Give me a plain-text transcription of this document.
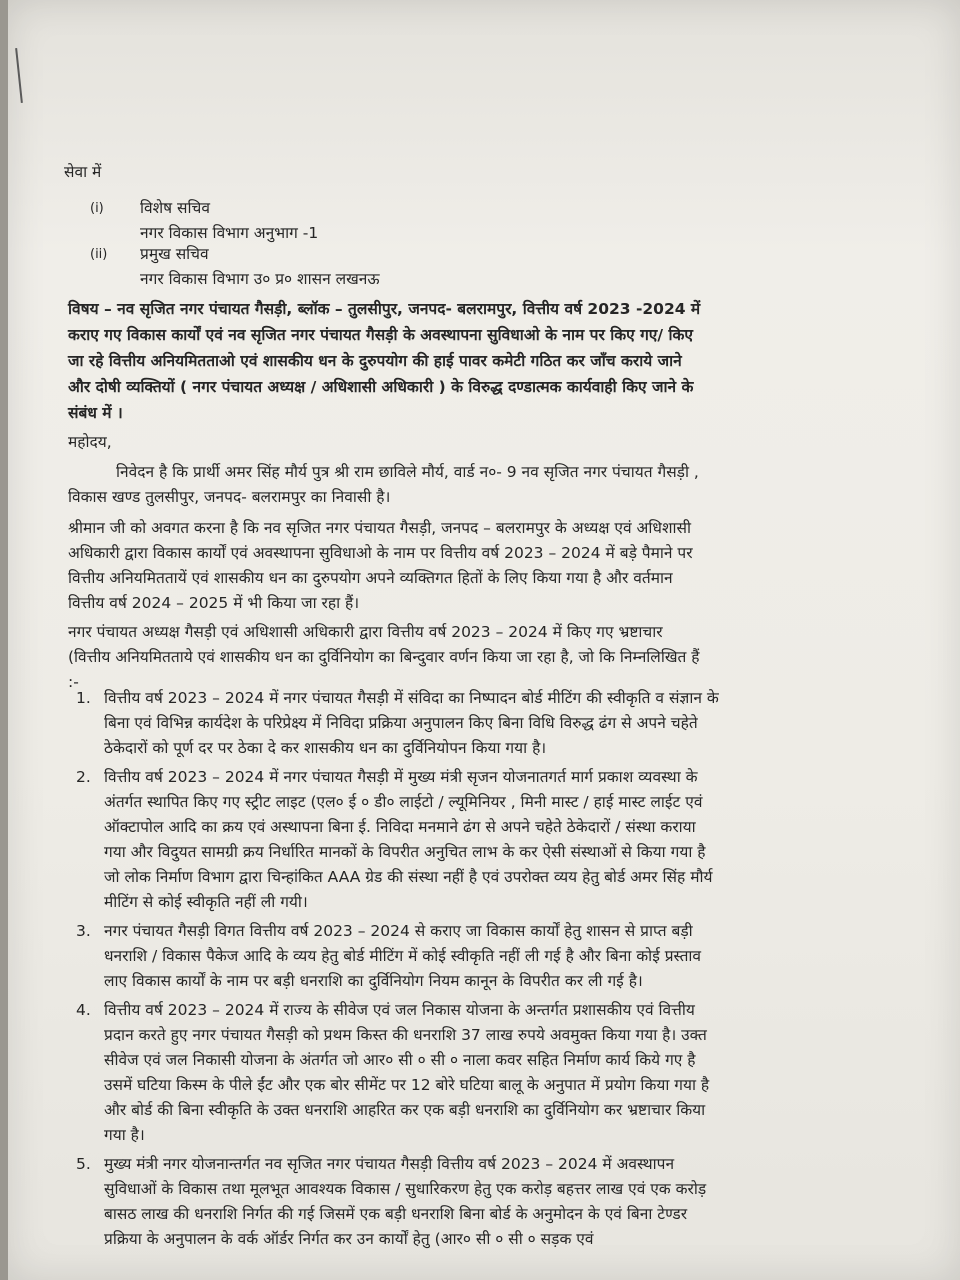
सेवा में
(i)	विशेष सचिव
नगर विकास विभाग अनुभाग -1
(ii)	प्रमुख सचिव
नगर विकास विभाग उ० प्र० शासन लखनऊ
विषय – नव सृजित नगर पंचायत गैसड़ी, ब्लॉक – तुलसीपुर, जनपद- बलरामपुर, वित्तीय वर्ष 2023 -2024 में कराए गए विकास कार्यों एवं नव सृजित नगर पंचायत गैसड़ी के अवस्थापना सुविधाओ के नाम पर किए गए/ किए जा रहे वित्तीय अनियमितताओ एवं शासकीय धन के दुरुपयोग की हाई पावर कमेटी गठित कर जाँच कराये जाने और दोषी व्यक्तियों ( नगर पंचायत अध्यक्ष / अधिशासी अधिकारी ) के विरुद्ध दण्डात्मक कार्यवाही किए जाने के संबंध में ।
महोदय,

निवेदन है कि प्रार्थी अमर सिंह मौर्य पुत्र श्री राम छाविले मौर्य, वार्ड न०- 9 नव सृजित नगर पंचायत गैसड़ी , विकास खण्ड तुलसीपुर, जनपद- बलरामपुर का निवासी है।

श्रीमान जी को अवगत करना है कि नव सृजित नगर पंचायत गैसड़ी, जनपद – बलरामपुर के अध्यक्ष एवं अधिशासी अधिकारी द्वारा विकास कार्यों एवं अवस्थापना सुविधाओ के नाम पर वित्तीय वर्ष 2023 – 2024 में बड़े पैमाने पर वित्तीय अनियमिततायें एवं शासकीय धन का दुरुपयोग अपने व्यक्तिगत हितों के लिए किया गया है और वर्तमान वित्तीय वर्ष 2024 – 2025 में भी किया जा रहा हैं।

नगर पंचायत अध्यक्ष गैसड़ी एवं अधिशासी अधिकारी द्वारा वित्तीय वर्ष 2023 – 2024 में किए गए भ्रष्टाचार (वित्तीय अनियमितताये एवं शासकीय धन का दुर्विनियोग का बिन्दुवार वर्णन किया जा रहा है, जो कि निम्नलिखित हैं :-

1. वित्तीय वर्ष 2023 – 2024 में नगर पंचायत गैसड़ी में संविदा का निष्पादन बोर्ड मीटिंग की स्वीकृति व संज्ञान के बिना एवं विभिन्न कार्यदेश के परिप्रेक्ष्य में निविदा प्रक्रिया अनुपालन किए बिना विधि विरुद्ध ढंग से अपने चहेते ठेकेदारों को पूर्ण दर पर ठेका दे कर शासकीय धन का दुर्विनियोपन किया गया है।
2. वित्तीय वर्ष 2023 – 2024 में नगर पंचायत गैसड़ी में मुख्य मंत्री सृजन योजनातगर्त मार्ग प्रकाश व्यवस्था के अंतर्गत स्थापित किए गए स्ट्रीट लाइट (एल० ई ० डी० लाईटो / ल्यूमिनियर , मिनी मास्ट / हाई मास्ट लाईट एवं ऑक्टापोल आदि का क्रय एवं अस्थापना बिना ई. निविदा मनमाने ढंग से अपने चहेते ठेकेदारों / संस्था कराया गया और विदुयत सामग्री क्रय निर्धारित मानकों के विपरीत अनुचित लाभ के कर ऐसी संस्थाओं से किया गया है जो लोक निर्माण विभाग द्वारा चिन्हांकित AAA ग्रेड की संस्था नहीं है एवं उपरोक्त व्यय हेतु बोर्ड अमर सिंह मौर्य मीटिंग से कोई स्वीकृति नहीं ली गयी।
3. नगर पंचायत गैसड़ी विगत वित्तीय वर्ष 2023 – 2024 से कराए जा विकास कार्यों हेतु शासन से प्राप्त बड़ी धनराशि / विकास पैकेज आदि के व्यय हेतु बोर्ड मीटिंग में कोई स्वीकृति नहीं ली गई है और बिना कोई प्रस्ताव लाए विकास कार्यों के नाम पर बड़ी धनराशि का दुर्विनियोग नियम कानून के विपरीत कर ली गई है।
4. वित्तीय वर्ष 2023 – 2024 में राज्य के सीवेज एवं जल निकास योजना के अन्तर्गत प्रशासकीय एवं वित्तीय प्रदान करते हुए नगर पंचायत गैसड़ी को प्रथम किस्त की धनराशि 37 लाख रुपये अवमुक्त किया गया है। उक्त सीवेज एवं जल निकासी योजना के अंतर्गत जो आर० सी ० सी ० नाला कवर सहित निर्माण कार्य किये गए है उसमें घटिया किस्म के पीले ईंट और एक बोर सीमेंट पर 12 बोरे घटिया बालू के अनुपात में प्रयोग किया गया है और बोर्ड की बिना स्वीकृति के उक्त धनराशि आहरित कर एक बड़ी धनराशि का दुर्विनियोग कर भ्रष्टाचार किया गया है।
5. मुख्य मंत्री नगर योजनान्तर्गत नव सृजित नगर पंचायत गैसड़ी वित्तीय वर्ष 2023 – 2024 में अवस्थापन सुविधाओं के विकास तथा मूलभूत आवश्यक विकास / सुधारिकरण हेतु एक करोड़ बहत्तर लाख एवं एक करोड़ बासठ लाख की धनराशि निर्गत की गई जिसमें एक बड़ी धनराशि बिना बोर्ड के अनुमोदन के एवं बिना टेण्डर प्रक्रिया के अनुपालन के वर्क ऑर्डर निर्गत कर उन कार्यों हेतु (आर० सी ० सी ० सड़क एवं
